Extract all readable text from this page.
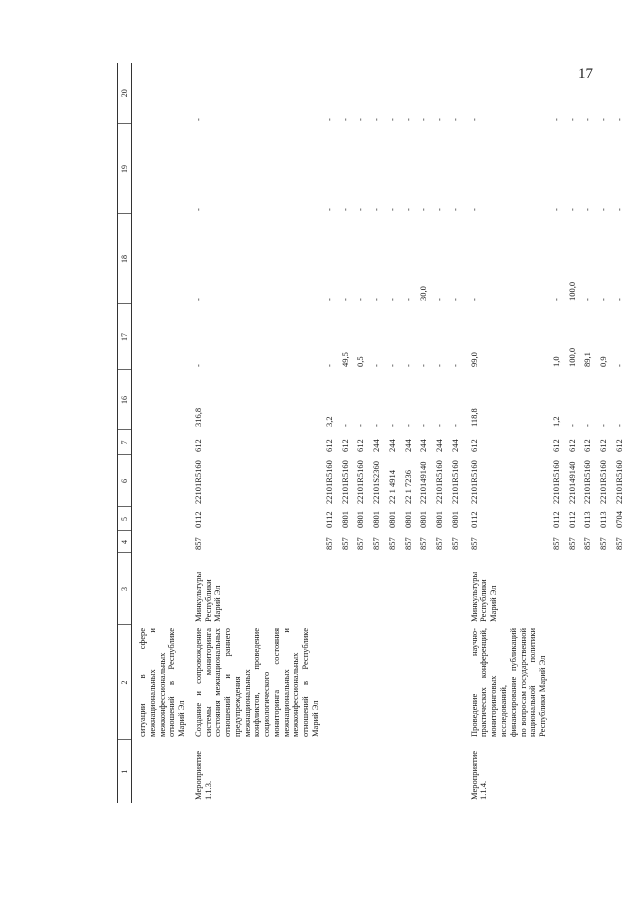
17
1	2	3	4	5	6	7	16	17	18	19	20
	ситуации в сфере межнациональных и межконфессиональных отношений в Республике Марий Эл										
Мероприятие 1.1.3.	Создание и сопровождение системы мониторинга состояния межнациональных отношений и раннего предупреждения межнациональных конфликтов, проведение социологического мониторинга состояния межнациональных и межконфессиональных отношений в Республике Марий Эл	Минкультуры Республики Марий Эл	857	0112	22101R5160	612	316,8	-	-	-	-
			857	0112	22101R5160	612	3,2	-	-	-	-
			857	0801	22101R5160	612	-	49,5	-	-	-
			857	0801	22101R5160	612	-	0,5	-	-	-
			857	0801	22101S2360	244	-	-	-	-	-
			857	0801	22 1 4914	244	-	-	-	-	-
			857	0801	22 1 7236	244	-	-	-	-	-
			857	0801	2210149140	244	-	-	30,0	-	-
			857	0801	22101R5160	244	-	-	-	-	-
			857	0801	22101R5160	244	-	-	-	-	-
Мероприятие 1.1.4.	Проведение научно-практических конференций, мониторинговых исследований, финансирование публикаций по вопросам государственной национальной политики Республики Марий Эл	Минкультуры Республики Марий Эл	857	0112	22101R5160	612	118,8	99,0	-	-	-
			857	0112	22101R5160	612	1,2	1,0	-	-	-
			857	0112	2210149140	612	-	100,0	100,0	-	-
			857	0113	22101R5160	612	-	89,1	-	-	-
			857	0113	22101R5160	612	-	0,9	-	-	-
			857	0704	22101R5160	612	-	-	-	-	-
